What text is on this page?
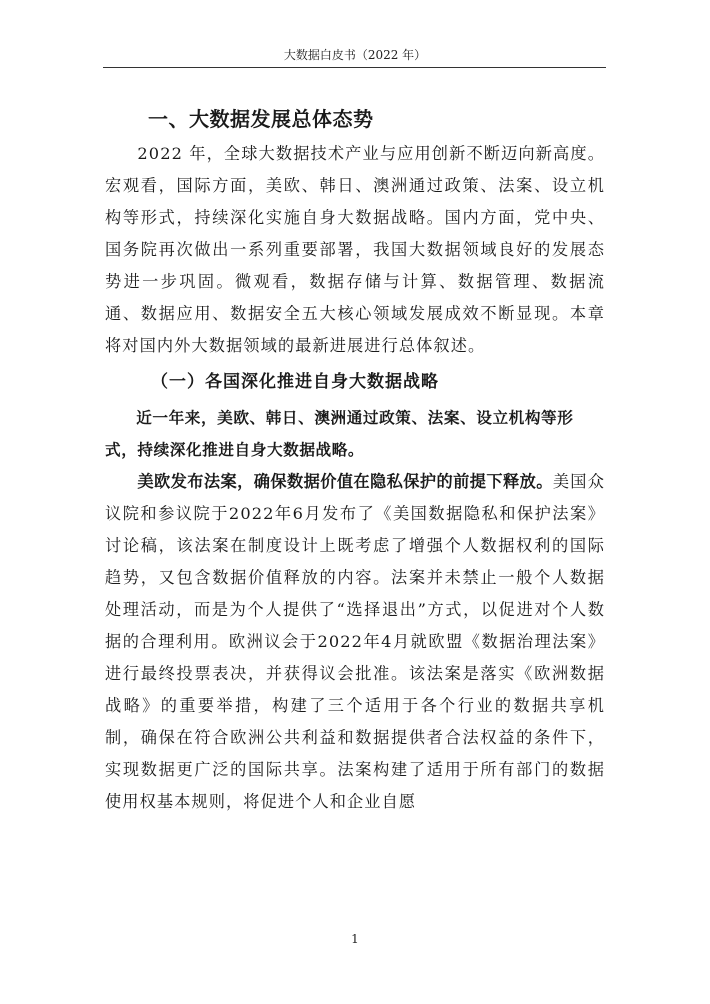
大数据白皮书（2022 年）
一、大数据发展总体态势

2022 年，全球大数据技术产业与应用创新不断迈向新高度。宏观看，国际方面，美欧、韩日、澳洲通过政策、法案、设立机构等形式，持续深化实施自身大数据战略。国内方面，党中央、国务院再次做出一系列重要部署，我国大数据领域良好的发展态势进一步巩固。微观看，数据存储与计算、数据管理、数据流通、数据应用、数据安全五大核心领域发展成效不断显现。本章将对国内外大数据领域的最新进展进行总体叙述。

（一）各国深化推进自身大数据战略

近一年来，美欧、韩日、澳洲通过政策、法案、设立机构等形式，持续深化推进自身大数据战略。

美欧发布法案，确保数据价值在隐私保护的前提下释放。美国众议院和参议院于2022年6月发布了《美国数据隐私和保护法案》讨论稿，该法案在制度设计上既考虑了增强个人数据权利的国际趋势，又包含数据价值释放的内容。法案并未禁止一般个人数据处理活动，而是为个人提供了“选择退出”方式，以促进对个人数据的合理利用。欧洲议会于2022年4月就欧盟《数据治理法案》进行最终投票表决，并获得议会批准。该法案是落实《欧洲数据战略》的重要举措，构建了三个适用于各个行业的数据共享机制，确保在符合欧洲公共利益和数据提供者合法权益的条件下，实现数据更广泛的国际共享。法案构建了适用于所有部门的数据使用权基本规则，将促进个人和企业自愿

1
